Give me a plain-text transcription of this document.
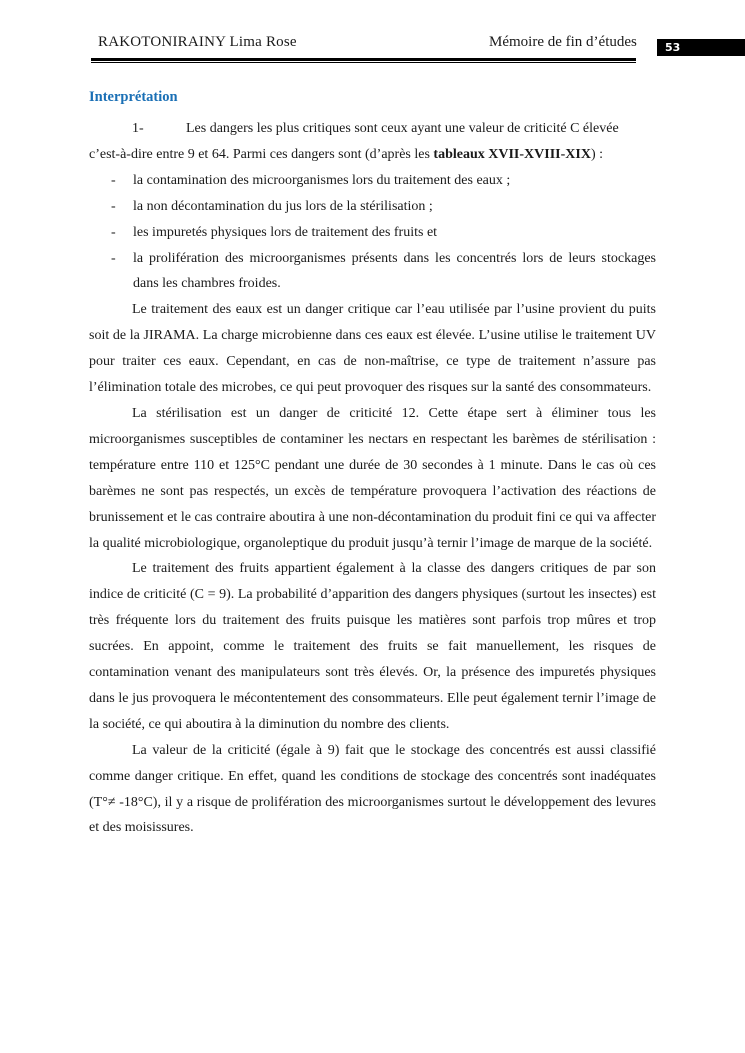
RAKOTONIRAINY Lima Rose	Mémoire de fin d’études	53
Interprétation
1-	Les dangers les plus critiques sont ceux ayant une valeur de criticité C élevée

c’est-à-dire entre 9 et 64. Parmi ces dangers sont (d’après les tableaux XVII-XVIII-XIX) :

-	la contamination des microorganismes lors du traitement des eaux ;
-	la non décontamination du jus lors de la stérilisation ;
-	les impuretés physiques lors de traitement des fruits et
-	la prolifération des microorganismes présents dans les concentrés lors de leurs stockages dans les chambres froides.

Le traitement des eaux est un danger critique car l’eau utilisée par l’usine provient du puits soit de la JIRAMA. La charge microbienne dans ces eaux est élevée. L’usine utilise le traitement UV pour traiter ces eaux. Cependant, en cas de non-maîtrise, ce type de traitement n’assure pas l’élimination totale des microbes, ce qui peut provoquer des risques sur la santé des consommateurs.

La stérilisation est un danger de criticité 12. Cette étape sert à éliminer tous les microorganismes susceptibles de contaminer les nectars en respectant les barèmes de stérilisation : température entre 110 et 125°C pendant une durée de 30 secondes à 1 minute. Dans le cas où ces barèmes ne sont pas respectés, un excès de température provoquera l’activation des réactions de brunissement et le cas contraire aboutira à une non-décontamination du produit fini ce qui va affecter la qualité microbiologique, organoleptique du produit jusqu’à ternir l’image de marque de la société.

Le traitement des fruits appartient également à la classe des dangers critiques de par son indice de criticité (C = 9). La probabilité d’apparition des dangers physiques (surtout les insectes) est très fréquente lors du traitement des fruits puisque les matières sont parfois trop mûres et trop sucrées. En appoint, comme le traitement des fruits se fait manuellement, les risques de contamination venant des manipulateurs sont très élevés. Or, la présence des impuretés physiques dans le jus provoquera le mécontentement des consommateurs. Elle peut également ternir l’image de la société, ce qui aboutira à la diminution du nombre des clients.

La valeur de la criticité (égale à 9) fait que le stockage des concentrés est aussi classifié comme danger critique. En effet, quand les conditions de stockage des concentrés sont inadéquates (T°≠ -18°C), il y a risque de prolifération des microorganismes surtout le développement des levures et des moisissures.
